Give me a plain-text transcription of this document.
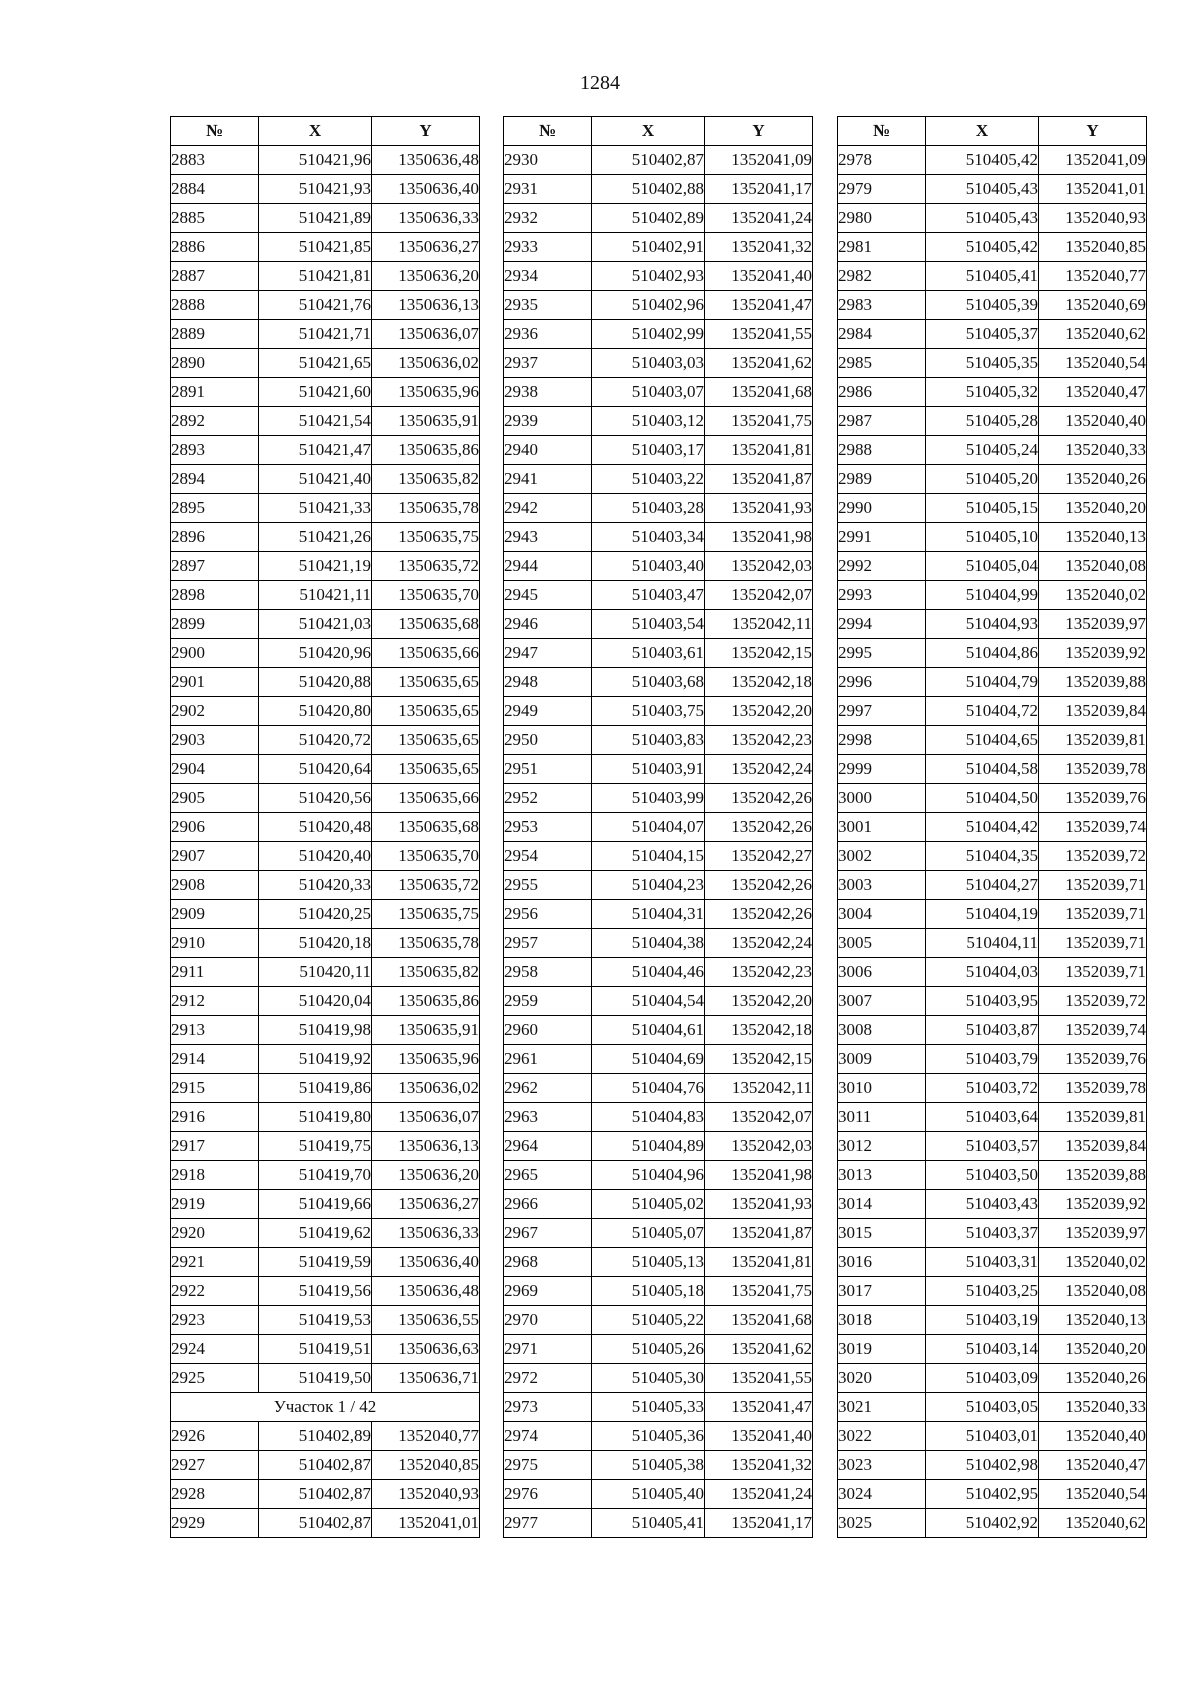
1284
№	X	Y
2883	510421,96	1350636,48
2884	510421,93	1350636,40
2885	510421,89	1350636,33
2886	510421,85	1350636,27
2887	510421,81	1350636,20
2888	510421,76	1350636,13
2889	510421,71	1350636,07
2890	510421,65	1350636,02
2891	510421,60	1350635,96
2892	510421,54	1350635,91
2893	510421,47	1350635,86
2894	510421,40	1350635,82
2895	510421,33	1350635,78
2896	510421,26	1350635,75
2897	510421,19	1350635,72
2898	510421,11	1350635,70
2899	510421,03	1350635,68
2900	510420,96	1350635,66
2901	510420,88	1350635,65
2902	510420,80	1350635,65
2903	510420,72	1350635,65
2904	510420,64	1350635,65
2905	510420,56	1350635,66
2906	510420,48	1350635,68
2907	510420,40	1350635,70
2908	510420,33	1350635,72
2909	510420,25	1350635,75
2910	510420,18	1350635,78
2911	510420,11	1350635,82
2912	510420,04	1350635,86
2913	510419,98	1350635,91
2914	510419,92	1350635,96
2915	510419,86	1350636,02
2916	510419,80	1350636,07
2917	510419,75	1350636,13
2918	510419,70	1350636,20
2919	510419,66	1350636,27
2920	510419,62	1350636,33
2921	510419,59	1350636,40
2922	510419,56	1350636,48
2923	510419,53	1350636,55
2924	510419,51	1350636,63
2925	510419,50	1350636,71
Участок 1 / 42		
2926	510402,89	1352040,77
2927	510402,87	1352040,85
2928	510402,87	1352040,93
2929	510402,87	1352041,01
№	X	Y
2930	510402,87	1352041,09
2931	510402,88	1352041,17
2932	510402,89	1352041,24
2933	510402,91	1352041,32
2934	510402,93	1352041,40
2935	510402,96	1352041,47
2936	510402,99	1352041,55
2937	510403,03	1352041,62
2938	510403,07	1352041,68
2939	510403,12	1352041,75
2940	510403,17	1352041,81
2941	510403,22	1352041,87
2942	510403,28	1352041,93
2943	510403,34	1352041,98
2944	510403,40	1352042,03
2945	510403,47	1352042,07
2946	510403,54	1352042,11
2947	510403,61	1352042,15
2948	510403,68	1352042,18
2949	510403,75	1352042,20
2950	510403,83	1352042,23
2951	510403,91	1352042,24
2952	510403,99	1352042,26
2953	510404,07	1352042,26
2954	510404,15	1352042,27
2955	510404,23	1352042,26
2956	510404,31	1352042,26
2957	510404,38	1352042,24
2958	510404,46	1352042,23
2959	510404,54	1352042,20
2960	510404,61	1352042,18
2961	510404,69	1352042,15
2962	510404,76	1352042,11
2963	510404,83	1352042,07
2964	510404,89	1352042,03
2965	510404,96	1352041,98
2966	510405,02	1352041,93
2967	510405,07	1352041,87
2968	510405,13	1352041,81
2969	510405,18	1352041,75
2970	510405,22	1352041,68
2971	510405,26	1352041,62
2972	510405,30	1352041,55
2973	510405,33	1352041,47
2974	510405,36	1352041,40
2975	510405,38	1352041,32
2976	510405,40	1352041,24
2977	510405,41	1352041,17
№	X	Y
2978	510405,42	1352041,09
2979	510405,43	1352041,01
2980	510405,43	1352040,93
2981	510405,42	1352040,85
2982	510405,41	1352040,77
2983	510405,39	1352040,69
2984	510405,37	1352040,62
2985	510405,35	1352040,54
2986	510405,32	1352040,47
2987	510405,28	1352040,40
2988	510405,24	1352040,33
2989	510405,20	1352040,26
2990	510405,15	1352040,20
2991	510405,10	1352040,13
2992	510405,04	1352040,08
2993	510404,99	1352040,02
2994	510404,93	1352039,97
2995	510404,86	1352039,92
2996	510404,79	1352039,88
2997	510404,72	1352039,84
2998	510404,65	1352039,81
2999	510404,58	1352039,78
3000	510404,50	1352039,76
3001	510404,42	1352039,74
3002	510404,35	1352039,72
3003	510404,27	1352039,71
3004	510404,19	1352039,71
3005	510404,11	1352039,71
3006	510404,03	1352039,71
3007	510403,95	1352039,72
3008	510403,87	1352039,74
3009	510403,79	1352039,76
3010	510403,72	1352039,78
3011	510403,64	1352039,81
3012	510403,57	1352039,84
3013	510403,50	1352039,88
3014	510403,43	1352039,92
3015	510403,37	1352039,97
3016	510403,31	1352040,02
3017	510403,25	1352040,08
3018	510403,19	1352040,13
3019	510403,14	1352040,20
3020	510403,09	1352040,26
3021	510403,05	1352040,33
3022	510403,01	1352040,40
3023	510402,98	1352040,47
3024	510402,95	1352040,54
3025	510402,92	1352040,62
